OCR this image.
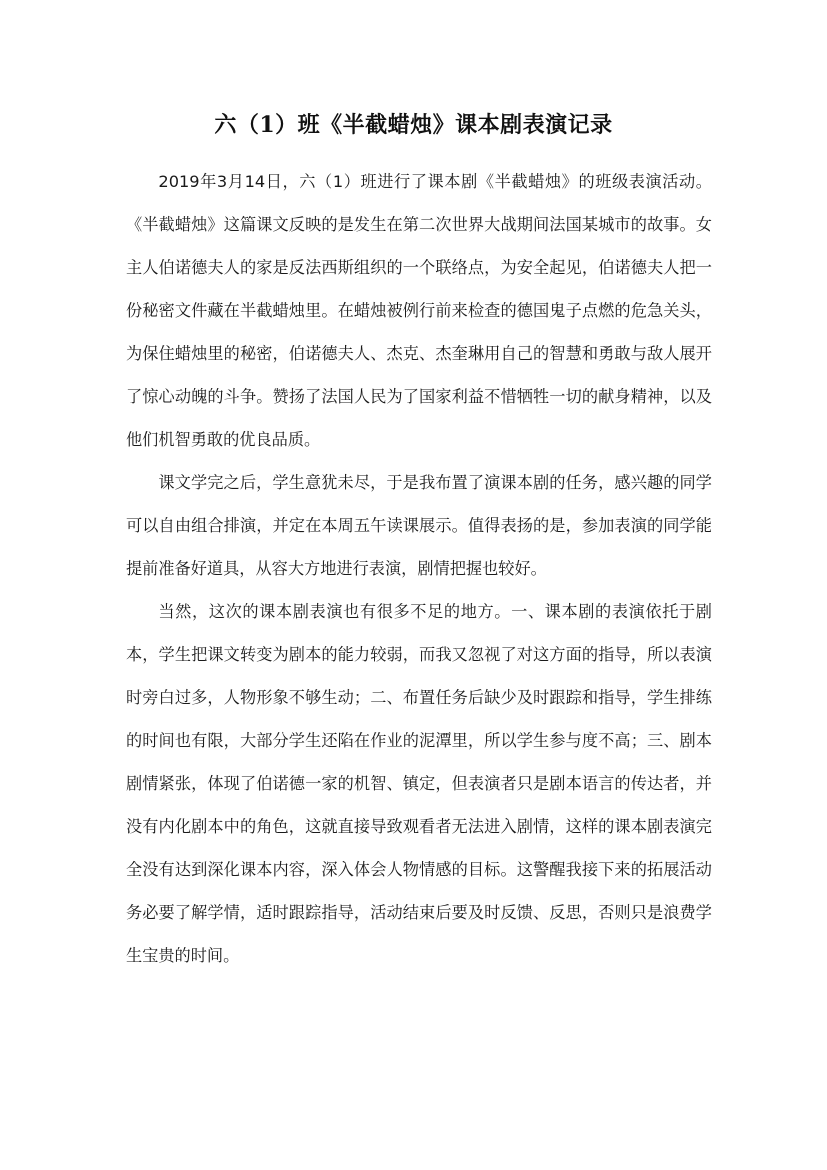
六（1）班《半截蜡烛》课本剧表演记录

2019年3月14日，六（1）班进行了课本剧《半截蜡烛》的班级表演活动。《半截蜡烛》这篇课文反映的是发生在第二次世界大战期间法国某城市的故事。女主人伯诺德夫人的家是反法西斯组织的一个联络点，为安全起见，伯诺德夫人把一份秘密文件藏在半截蜡烛里。在蜡烛被例行前来检查的德国鬼子点燃的危急关头，为保住蜡烛里的秘密，伯诺德夫人、杰克、杰奎琳用自己的智慧和勇敢与敌人展开了惊心动魄的斗争。赞扬了法国人民为了国家利益不惜牺牲一切的献身精神，以及他们机智勇敢的优良品质。

课文学完之后，学生意犹未尽，于是我布置了演课本剧的任务，感兴趣的同学可以自由组合排演，并定在本周五午读课展示。值得表扬的是，参加表演的同学能提前准备好道具，从容大方地进行表演，剧情把握也较好。

当然，这次的课本剧表演也有很多不足的地方。一、课本剧的表演依托于剧本，学生把课文转变为剧本的能力较弱，而我又忽视了对这方面的指导，所以表演时旁白过多，人物形象不够生动；二、布置任务后缺少及时跟踪和指导，学生排练的时间也有限，大部分学生还陷在作业的泥潭里，所以学生参与度不高；三、剧本剧情紧张，体现了伯诺德一家的机智、镇定，但表演者只是剧本语言的传达者，并没有内化剧本中的角色，这就直接导致观看者无法进入剧情，这样的课本剧表演完全没有达到深化课本内容，深入体会人物情感的目标。这警醒我接下来的拓展活动务必要了解学情，适时跟踪指导，活动结束后要及时反馈、反思，否则只是浪费学生宝贵的时间。
